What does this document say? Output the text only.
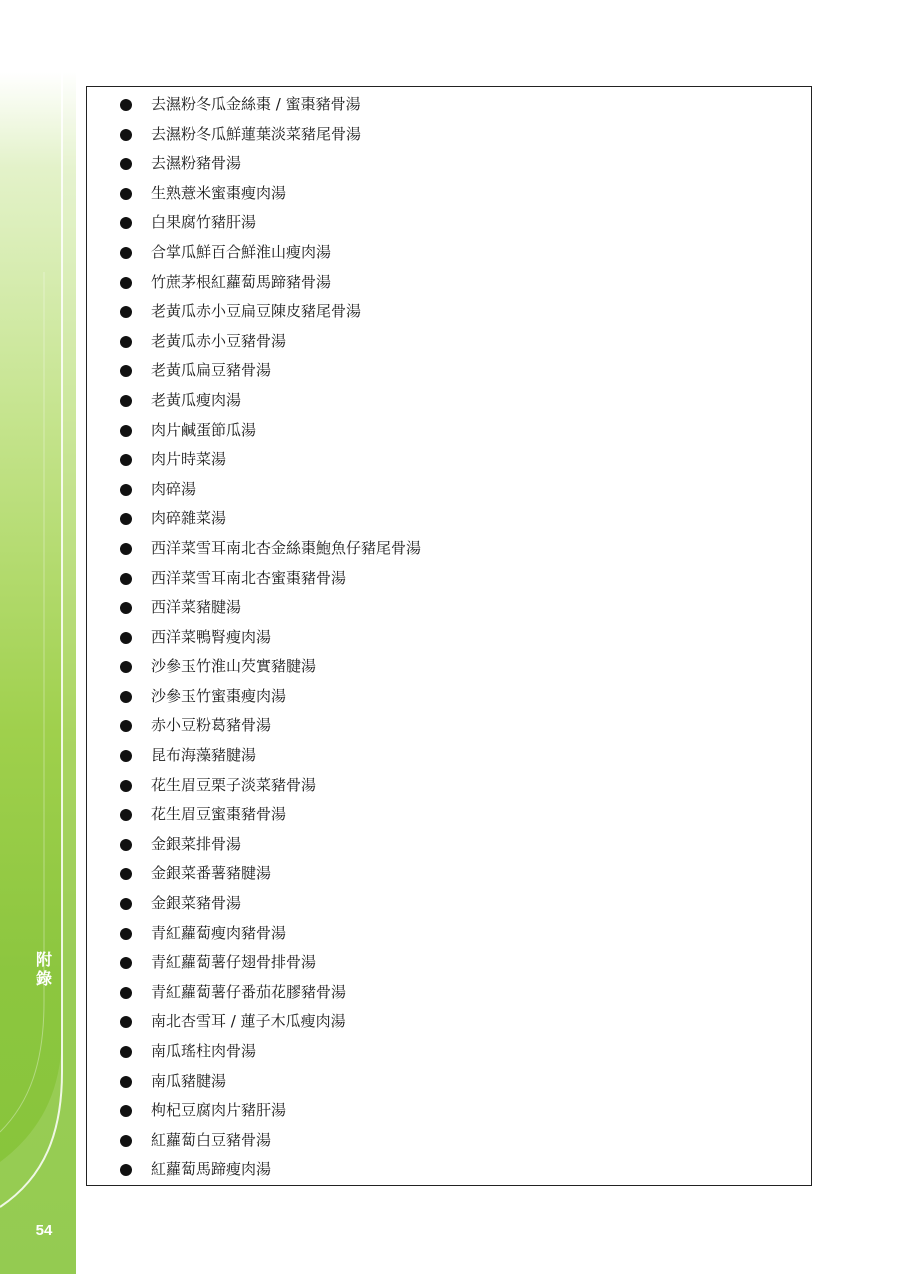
附錄
54
去濕粉冬瓜金絲棗 / 蜜棗豬骨湯
去濕粉冬瓜鮮蓮葉淡菜豬尾骨湯
去濕粉豬骨湯
生熟薏米蜜棗瘦肉湯
白果腐竹豬肝湯
合掌瓜鮮百合鮮淮山瘦肉湯
竹蔗茅根紅蘿蔔馬蹄豬骨湯
老黃瓜赤小豆扁豆陳皮豬尾骨湯
老黃瓜赤小豆豬骨湯
老黃瓜扁豆豬骨湯
老黃瓜瘦肉湯
肉片鹹蛋節瓜湯
肉片時菜湯
肉碎湯
肉碎雜菜湯
西洋菜雪耳南北杏金絲棗鮑魚仔豬尾骨湯
西洋菜雪耳南北杏蜜棗豬骨湯
西洋菜豬腱湯
西洋菜鴨腎瘦肉湯
沙參玉竹淮山芡實豬腱湯
沙參玉竹蜜棗瘦肉湯
赤小豆粉葛豬骨湯
昆布海藻豬腱湯
花生眉豆栗子淡菜豬骨湯
花生眉豆蜜棗豬骨湯
金銀菜排骨湯
金銀菜番薯豬腱湯
金銀菜豬骨湯
青紅蘿蔔瘦肉豬骨湯
青紅蘿蔔薯仔翅骨排骨湯
青紅蘿蔔薯仔番茄花膠豬骨湯
南北杏雪耳 / 蓮子木瓜瘦肉湯
南瓜瑤柱肉骨湯
南瓜豬腱湯
枸杞豆腐肉片豬肝湯
紅蘿蔔白豆豬骨湯
紅蘿蔔馬蹄瘦肉湯
